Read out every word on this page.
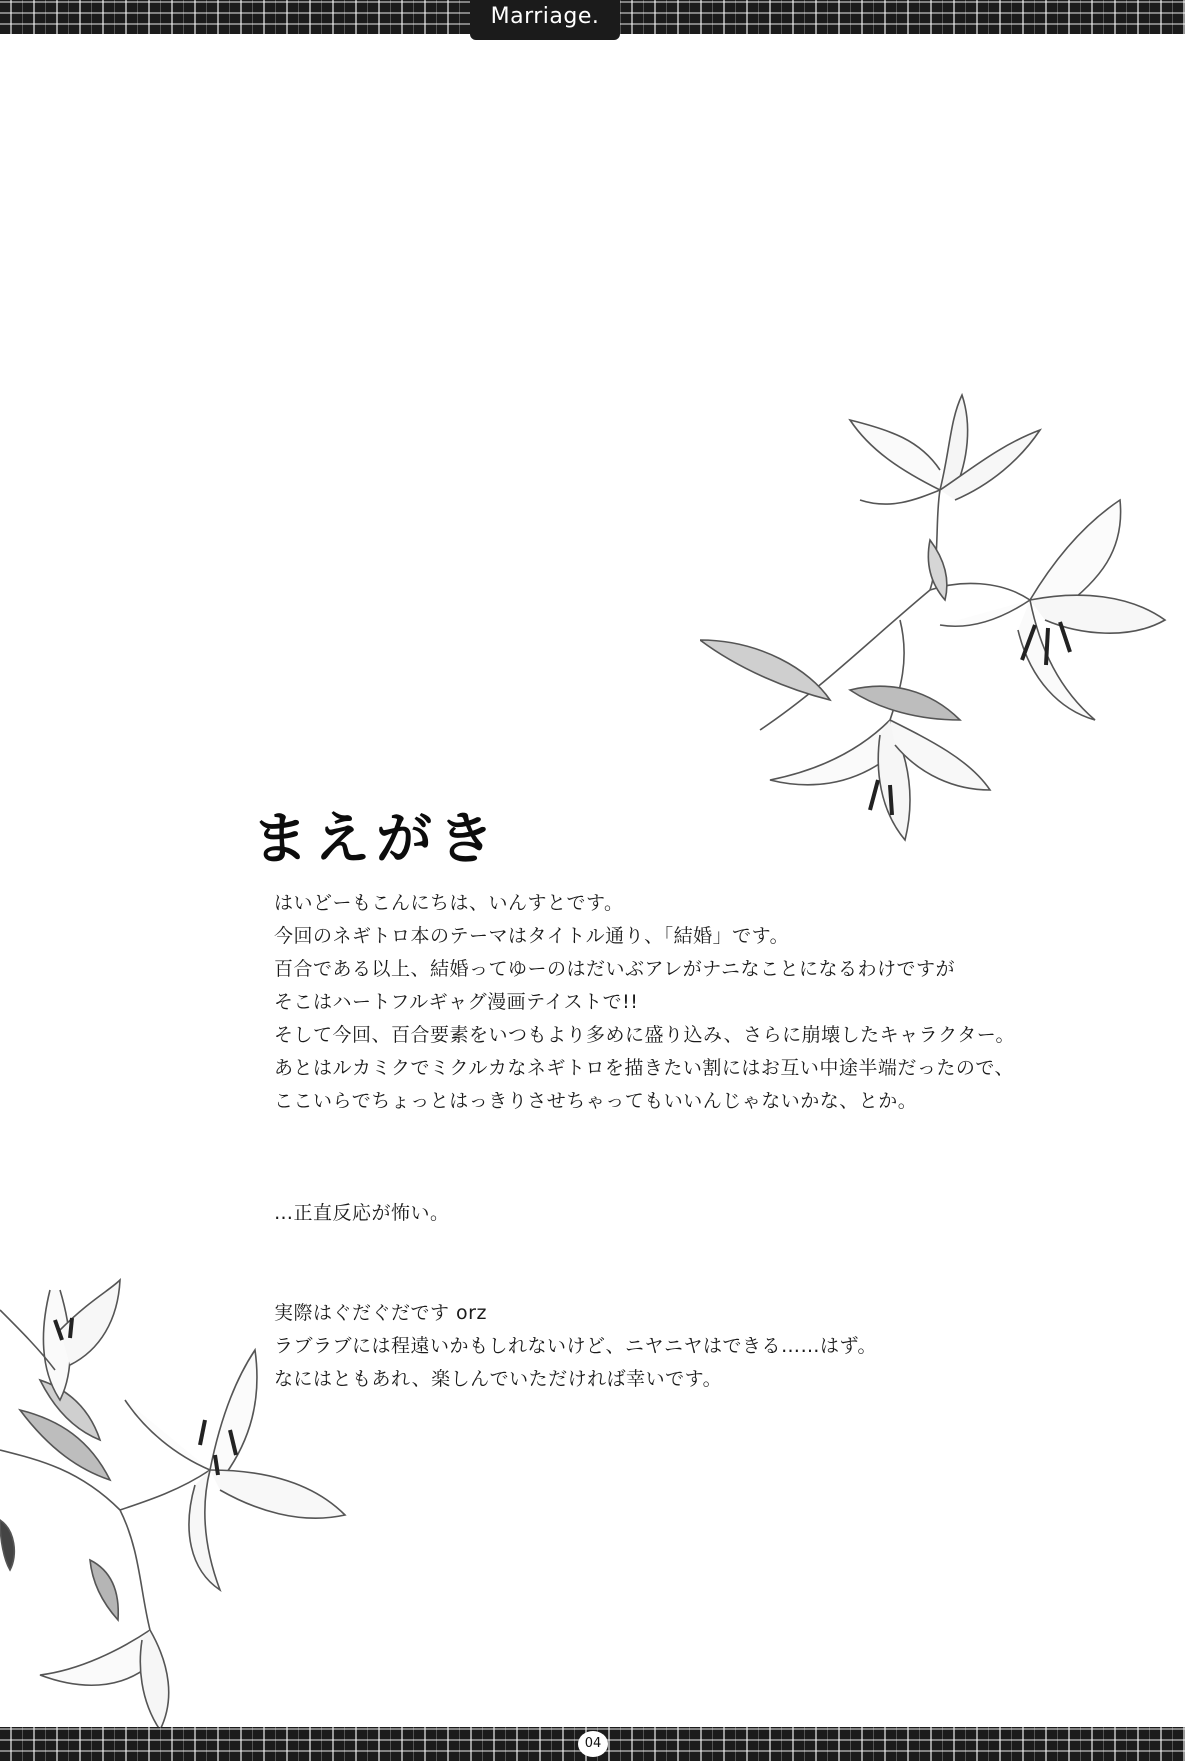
Marriage.
まえがき
はいどーもこんにちは、いんすとです。
今回のネギトロ本のテーマはタイトル通り、「結婚」です。
百合である以上、結婚ってゆーのはだいぶアレがナニなことになるわけですが
そこはハートフルギャグ漫画テイストで!!
そして今回、百合要素をいつもより多めに盛り込み、さらに崩壊したキャラクター。
あとはルカミクでミクルカなネギトロを描きたい割にはお互い中途半端だったので、
ここいらでちょっとはっきりさせちゃってもいいんじゃないかな、とか。
…正直反応が怖い。
実際はぐだぐだです orz
ラブラブには程遠いかもしれないけど、ニヤニヤはできる……はず。
なにはともあれ、楽しんでいただければ幸いです。
04
